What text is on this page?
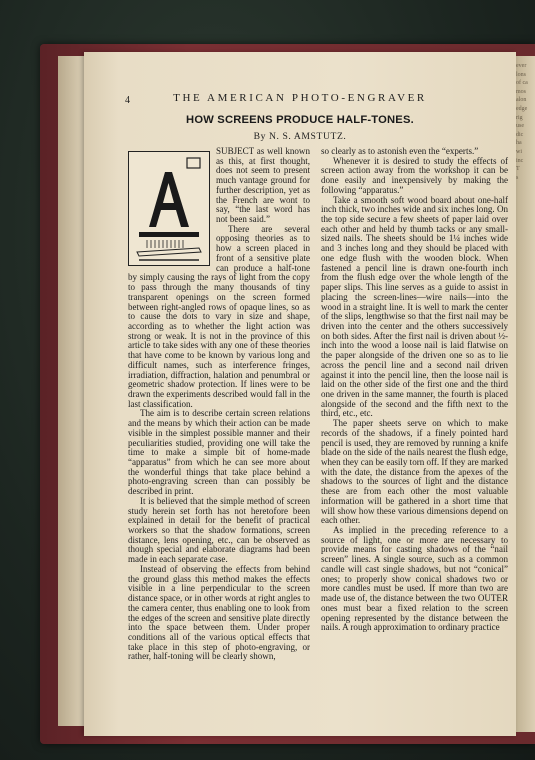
ever
lons
of ca
mos
alon
edge
rig
use
dic
ha
wi
inc
T
s
4	THE AMERICAN PHOTO-ENGRAVER
HOW SCREENS PRODUCE HALF-TONES.
By N. S. AMSTUTZ.

SUBJECT as well known as this, at first thought, does not seem to present much vantage ground for further description, yet as the French are wont to say, “the last word has not been said.”

There are several opposing theories as to how a screen placed in front of a sensitive plate can produce a half-tone by simply causing the rays of light from the copy to pass through the many thousands of tiny transparent openings on the screen formed between right-angled rows of opaque lines, so as to cause the dots to vary in size and shape, according as to whether the light action was strong or weak. It is not in the province of this article to take sides with any one of these theories that have come to be known by various long and difficult names, such as interference fringes, irradiation, diffraction, halation and penumbral or geometric shadow protection. If lines were to be drawn the experiments described would fall in the last classification.

The aim is to describe certain screen relations and the means by which their action can be made visible in the simplest possible manner and their peculiarities studied, providing one will take the time to make a simple bit of home-made “apparatus” from which he can see more about the wonderful things that take place behind a photo-engraving screen than can possibly be described in print.

It is believed that the simple method of screen study herein set forth has not heretofore been explained in detail for the benefit of practical workers so that the shadow formations, screen distance, lens opening, etc., can be observed as though special and elaborate diagrams had been made in each separate case.

Instead of observing the effects from behind the ground glass this method makes the effects visible in a line perpendicular to the screen distance space, or in other words at right angles to the camera center, thus enabling one to look from the edges of the screen and sensitive plate directly into the space between them. Under proper conditions all of the various optical effects that take place in this step of photo-engraving, or rather, half-toning will be clearly shown,

so clearly as to astonish even the “experts.”

Whenever it is desired to study the effects of screen action away from the workshop it can be done easily and inexpensively by making the following “apparatus.”

Take a smooth soft wood board about one-half inch thick, two inches wide and six inches long. On the top side secure a few sheets of paper laid over each other and held by thumb tacks or any small-sized nails. The sheets should be 1¼ inches wide and 3 inches long and they should be placed with one edge flush with the wooden block. When fastened a pencil line is drawn one-fourth inch from the flush edge over the whole length of the paper slips. This line serves as a guide to assist in placing the screen-lines—wire nails—into the wood in a straight line. It is well to mark the center of the slips, lengthwise so that the first nail may be driven into the center and the others successively on both sides. After the first nail is driven about ½-inch into the wood a loose nail is laid flatwise on the paper alongside of the driven one so as to lie across the pencil line and a second nail driven against it into the pencil line, then the loose nail is laid on the other side of the first one and the third one driven in the same manner, the fourth is placed alongside of the second and the fifth next to the third, etc., etc.

The paper sheets serve on which to make records of the shadows, if a finely pointed hard pencil is used, they are removed by running a knife blade on the side of the nails nearest the flush edge, when they can be easily torn off. If they are marked with the date, the distance from the apexes of the shadows to the sources of light and the distance these are from each other the most valuable information will be gathered in a short time that will show how these various dimensions depend on each other.

As implied in the preceding reference to a source of light, one or more are necessary to provide means for casting shadows of the “nail screen” lines. A single source, such as a common candle will cast single shadows, but not “conical” ones; to properly show conical shadows two or more candles must be used. If more than two are made use of, the distance between the two OUTER ones must bear a fixed relation to the screen opening represented by the distance between the nails. A rough approximation to ordinary practice
